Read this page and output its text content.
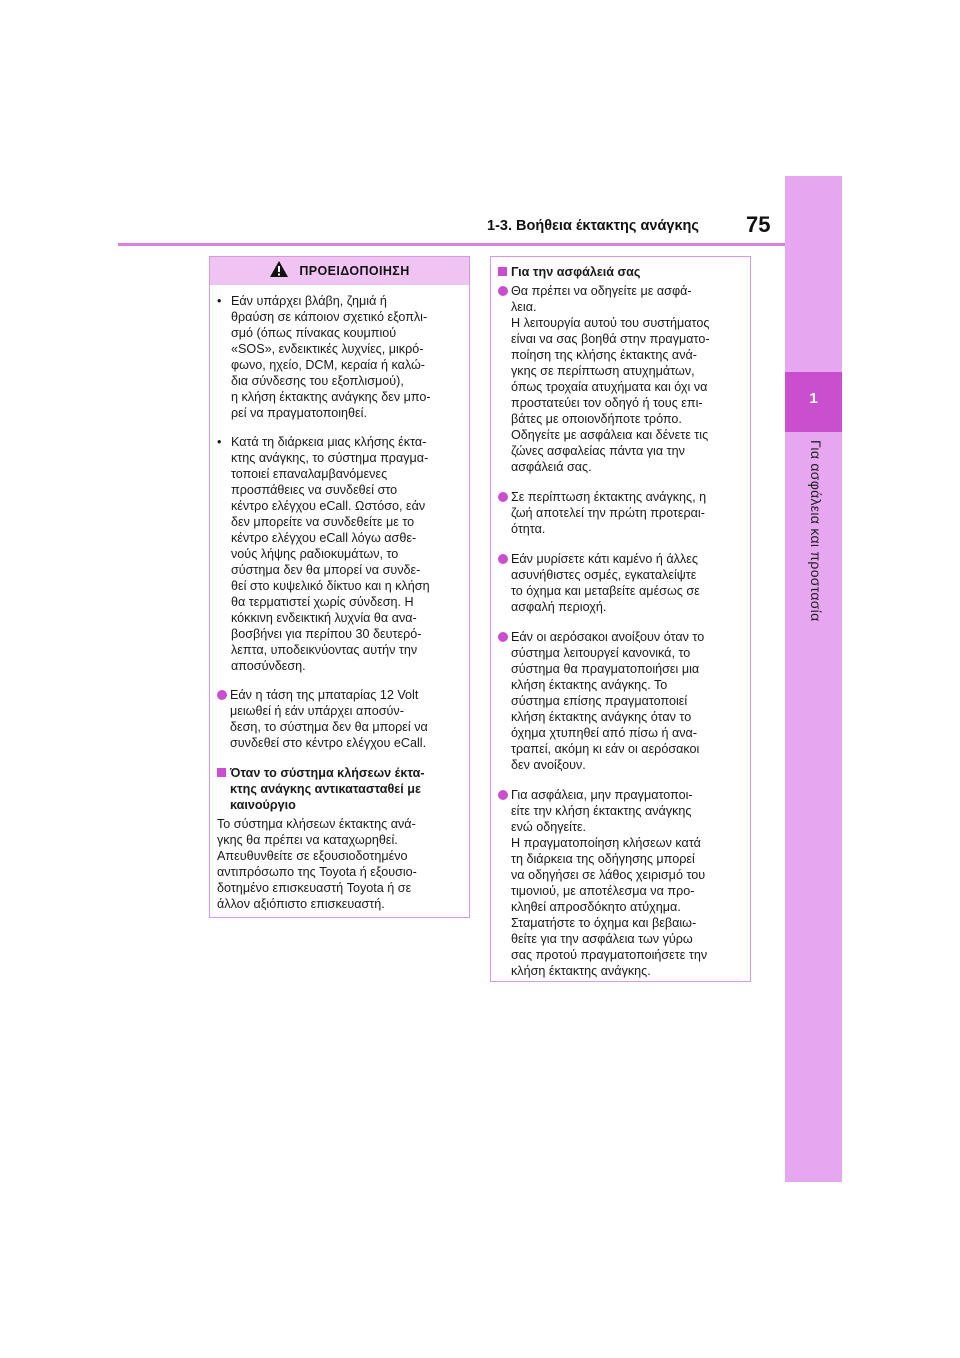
1
Για ασφάλεια και προστασία
1-3. Βοήθεια έκτακτης ανάγκης 75
ΠΡΟΕΙΔΟΠΟΙΗΣΗ
• Εάν υπάρχει βλάβη, ζημιά ή
θραύση σε κάποιον σχετικό εξοπλι-
σμό (όπως πίνακας κουμπιού
«SOS», ενδεικτικές λυχνίες, μικρό-
φωνο, ηχείο, DCM, κεραία ή καλώ-
δια σύνδεσης του εξοπλισμού),
η κλήση έκτακτης ανάγκης δεν μπο-
ρεί να πραγματοποιηθεί.
• Κατά τη διάρκεια μιας κλήσης έκτα-
κτης ανάγκης, το σύστημα πραγμα-
τοποιεί επαναλαμβανόμενες
προσπάθειες να συνδεθεί στο
κέντρο ελέγχου eCall. Ωστόσο, εάν
δεν μπορείτε να συνδεθείτε με το
κέντρο ελέγχου eCall λόγω ασθε-
νούς λήψης ραδιοκυμάτων, το
σύστημα δεν θα μπορεί να συνδε-
θεί στο κυψελικό δίκτυο και η κλήση
θα τερματιστεί χωρίς σύνδεση. Η
κόκκινη ενδεικτική λυχνία θα ανα-
βοσβήνει για περίπου 30 δευτερό-
λεπτα, υποδεικνύοντας αυτήν την
αποσύνδεση.
Εάν η τάση της μπαταρίας 12 Volt
μειωθεί ή εάν υπάρχει αποσύν-
δεση, το σύστημα δεν θα μπορεί να
συνδεθεί στο κέντρο ελέγχου eCall.
Όταν το σύστημα κλήσεων έκτα-
κτης ανάγκης αντικατασταθεί με
καινούργιο
Το σύστημα κλήσεων έκτακτης ανά-
γκης θα πρέπει να καταχωρηθεί.
Απευθυνθείτε σε εξουσιοδοτημένο
αντιπρόσωπο της Toyota ή εξουσιο-
δοτημένο επισκευαστή Toyota ή σε
άλλον αξιόπιστο επισκευαστή.
Για την ασφάλειά σας
Θα πρέπει να οδηγείτε με ασφά-
λεια.
Η λειτουργία αυτού του συστήματος
είναι να σας βοηθά στην πραγματο-
ποίηση της κλήσης έκτακτης ανά-
γκης σε περίπτωση ατυχημάτων,
όπως τροχαία ατυχήματα και όχι να
προστατεύει τον οδηγό ή τους επι-
βάτες με οποιονδήποτε τρόπο.
Οδηγείτε με ασφάλεια και δένετε τις
ζώνες ασφαλείας πάντα για την
ασφάλειά σας.
Σε περίπτωση έκτακτης ανάγκης, η
ζωή αποτελεί την πρώτη προτεραι-
ότητα.
Εάν μυρίσετε κάτι καμένο ή άλλες
ασυνήθιστες οσμές, εγκαταλείψτε
το όχημα και μεταβείτε αμέσως σε
ασφαλή περιοχή.
Εάν οι αερόσακοι ανοίξουν όταν το
σύστημα λειτουργεί κανονικά, το
σύστημα θα πραγματοποιήσει μια
κλήση έκτακτης ανάγκης. Το
σύστημα επίσης πραγματοποιεί
κλήση έκτακτης ανάγκης όταν το
όχημα χτυπηθεί από πίσω ή ανα-
τραπεί, ακόμη κι εάν οι αερόσακοι
δεν ανοίξουν.
Για ασφάλεια, μην πραγματοποι-
είτε την κλήση έκτακτης ανάγκης
ενώ οδηγείτε.
Η πραγματοποίηση κλήσεων κατά
τη διάρκεια της οδήγησης μπορεί
να οδηγήσει σε λάθος χειρισμό του
τιμονιού, με αποτέλεσμα να προ-
κληθεί απροσδόκητο ατύχημα.
Σταματήστε το όχημα και βεβαιω-
θείτε για την ασφάλεια των γύρω
σας προτού πραγματοποιήσετε την
κλήση έκτακτης ανάγκης.
